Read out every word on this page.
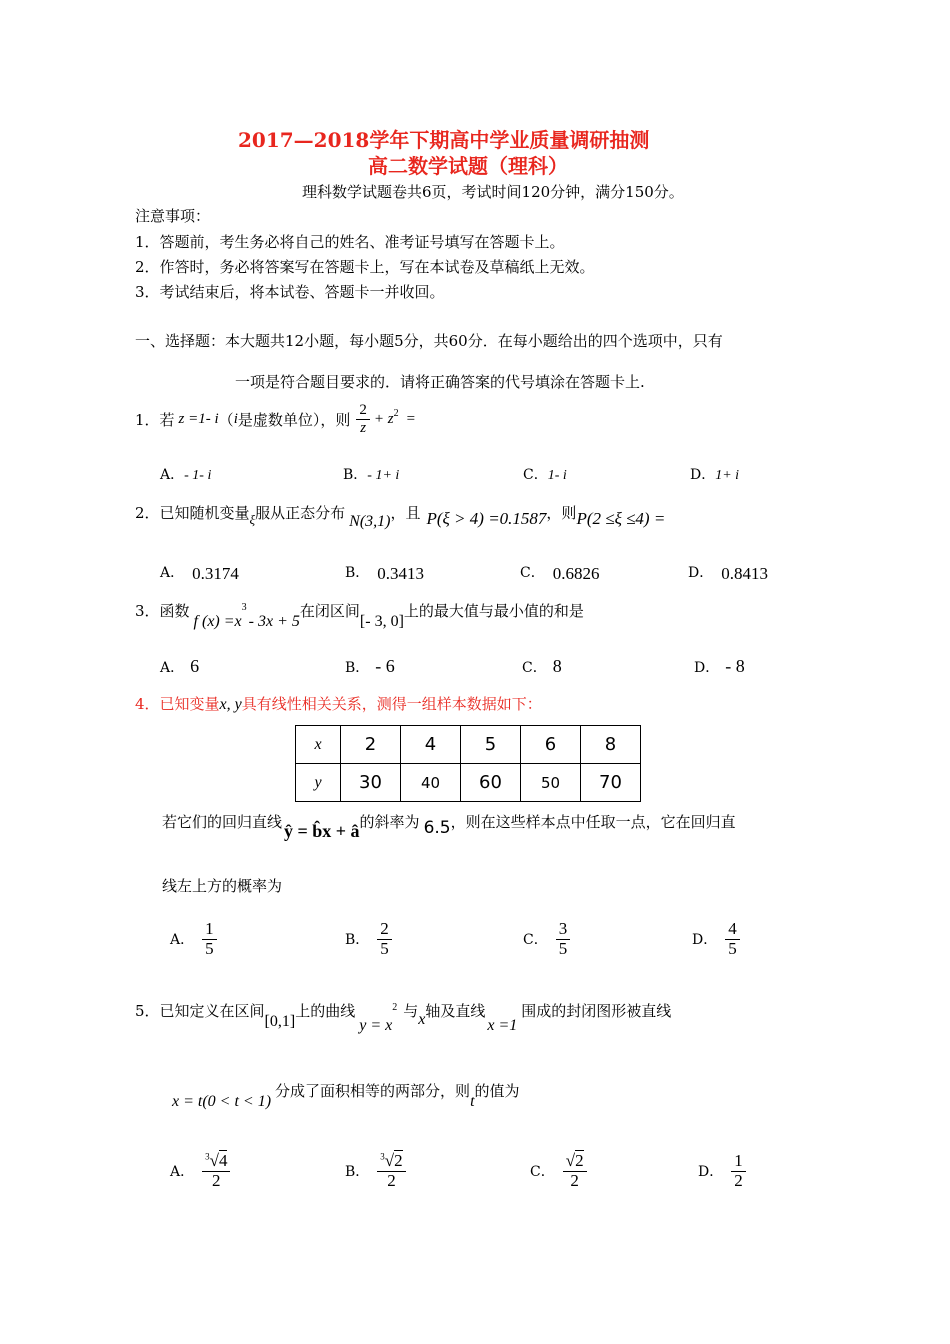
2017—2018学年下期高中学业质量调研抽测
高二数学试题（理科）
理科数学试题卷共6页，考试时间120分钟，满分150分。
注意事项：
1．答题前，考生务必将自己的姓名、准考证号填写在答题卡上。
2．作答时，务必将答案写在答题卡上，写在本试卷及草稿纸上无效。
3．考试结束后，将本试卷、答题卡一并收回。
一、选择题：本大题共12小题，每小题5分，共60分．在每小题给出的四个选项中，只有
一项是符合题目要求的．请将正确答案的代号填涂在答题卡上.
1．若 z =1- i （ i 是虚数单位），则 $\frac{2}{z} + z^2$ =
A．- 1- i	B．- 1+ i	C．1- i	D．1+ i
2．已知随机变量ξ服从正态分布 N(3,1)，且 P(ξ > 4) =0.1587，则P(2 ≤ξ ≤4) =
A． 0.3174	B． 0.3413	C． 0.6826	D． 0.8413
3．函数f $(x) =x^3-$ 3x + 5在闭区间[- 3, 0]上的最大值与最小值的和是
A． 6	B． - 6	C． 8	D． - 8
4．已知变量x, y具有线性相关关系，测得一组样本数据如下：
x	2	4	5	6	8
y	30	40	60	50	70
若它们的回归直线 ŷ = b̂x + â的斜率为 6.5，则在这些样本点中任取一点，它在回归直
线左上方的概率为
A． $\frac{1}{5}$	B． $\frac{2}{5}$	C． $\frac{3}{5}$	D． $\frac{4}{5}$
5．已知定义在区间[0,1]上的曲线$y = x^2$ 与x轴及直线x =1围成的封闭图形被直线
x = t(0 < t < 1)分成了面积相等的两部分，则t的值为
A． $\frac{^3√4}{2}$	B． $\frac{^3√2}{2}$	C． $\frac{√2}{2}$	D． $\frac{1}{2}$
